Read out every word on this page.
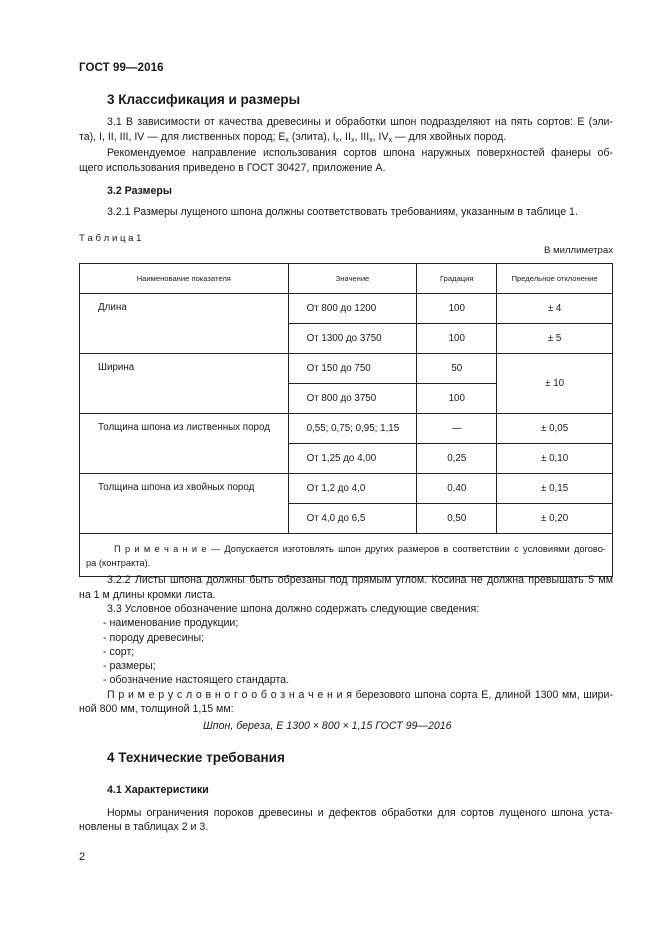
ГОСТ 99—2016
3 Классификация и размеры
3.1 В зависимости от качества древесины и обработки шпон подразделяют на пять сортов: Е (эли-
та), I, II, III, IV — для лиственных пород; $Е_x$ (элита), $I_x$, $II_x$, $III_x$, $IV_x$ — для хвойных пород.
Рекомендуемое направление использования сортов шпона наружных поверхностей фанеры об-
щего использования приведено в ГОСТ 30427, приложение А.
3.2 Размеры
3.2.1 Размеры лущеного шпона должны соответствовать требованиям, указанным в таблице 1.
Т а б л и ц а 1
В миллиметрах
Наименование показателя	Значение	Градация	Предельное отклонение
Длина	От 800 до 1200	100	± 4
	От 1300 до 3750	100	± 5
Ширина	От 150 до 750	50	± 10
	От 800 до 3750	100	
Толщина шпона из лиственных пород	0,55; 0,75; 0,95; 1,15	—	± 0,05
	От 1,25 до 4,00	0,25	± 0,10
Толщина шпона из хвойных пород	От 1,2 до 4,0	0,40	± 0,15
	От 4,0 до 6,5	0,50	± 0,20

П р и м е ч а н и е — Допускается изготовлять шпон других размеров в соответствии с условиями догово-
ра (контракта).			
3.2.2 Листы шпона должны быть обрезаны под прямым углом. Косина не должна превышать 5 мм
на 1 м длины кромки листа.
3.3 Условное обозначение шпона должно содержать следующие сведения:
- наименование продукции;
- породу древесины;
- сорт;
- размеры;
- обозначение настоящего стандарта.
П р и м е р у с л о в н о г о о б о з н а ч е н и я березового шпона сорта Е, длиной 1300 мм, шири-
ной 800 мм, толщиной 1,15 мм:
Шпон, береза, Е 1300 × 800 × 1,15 ГОСТ 99—2016
4 Технические требования
4.1 Характеристики
Нормы ограничения пороков древесины и дефектов обработки для сортов лущеного шпона уста-
новлены в таблицах 2 и 3.
2
